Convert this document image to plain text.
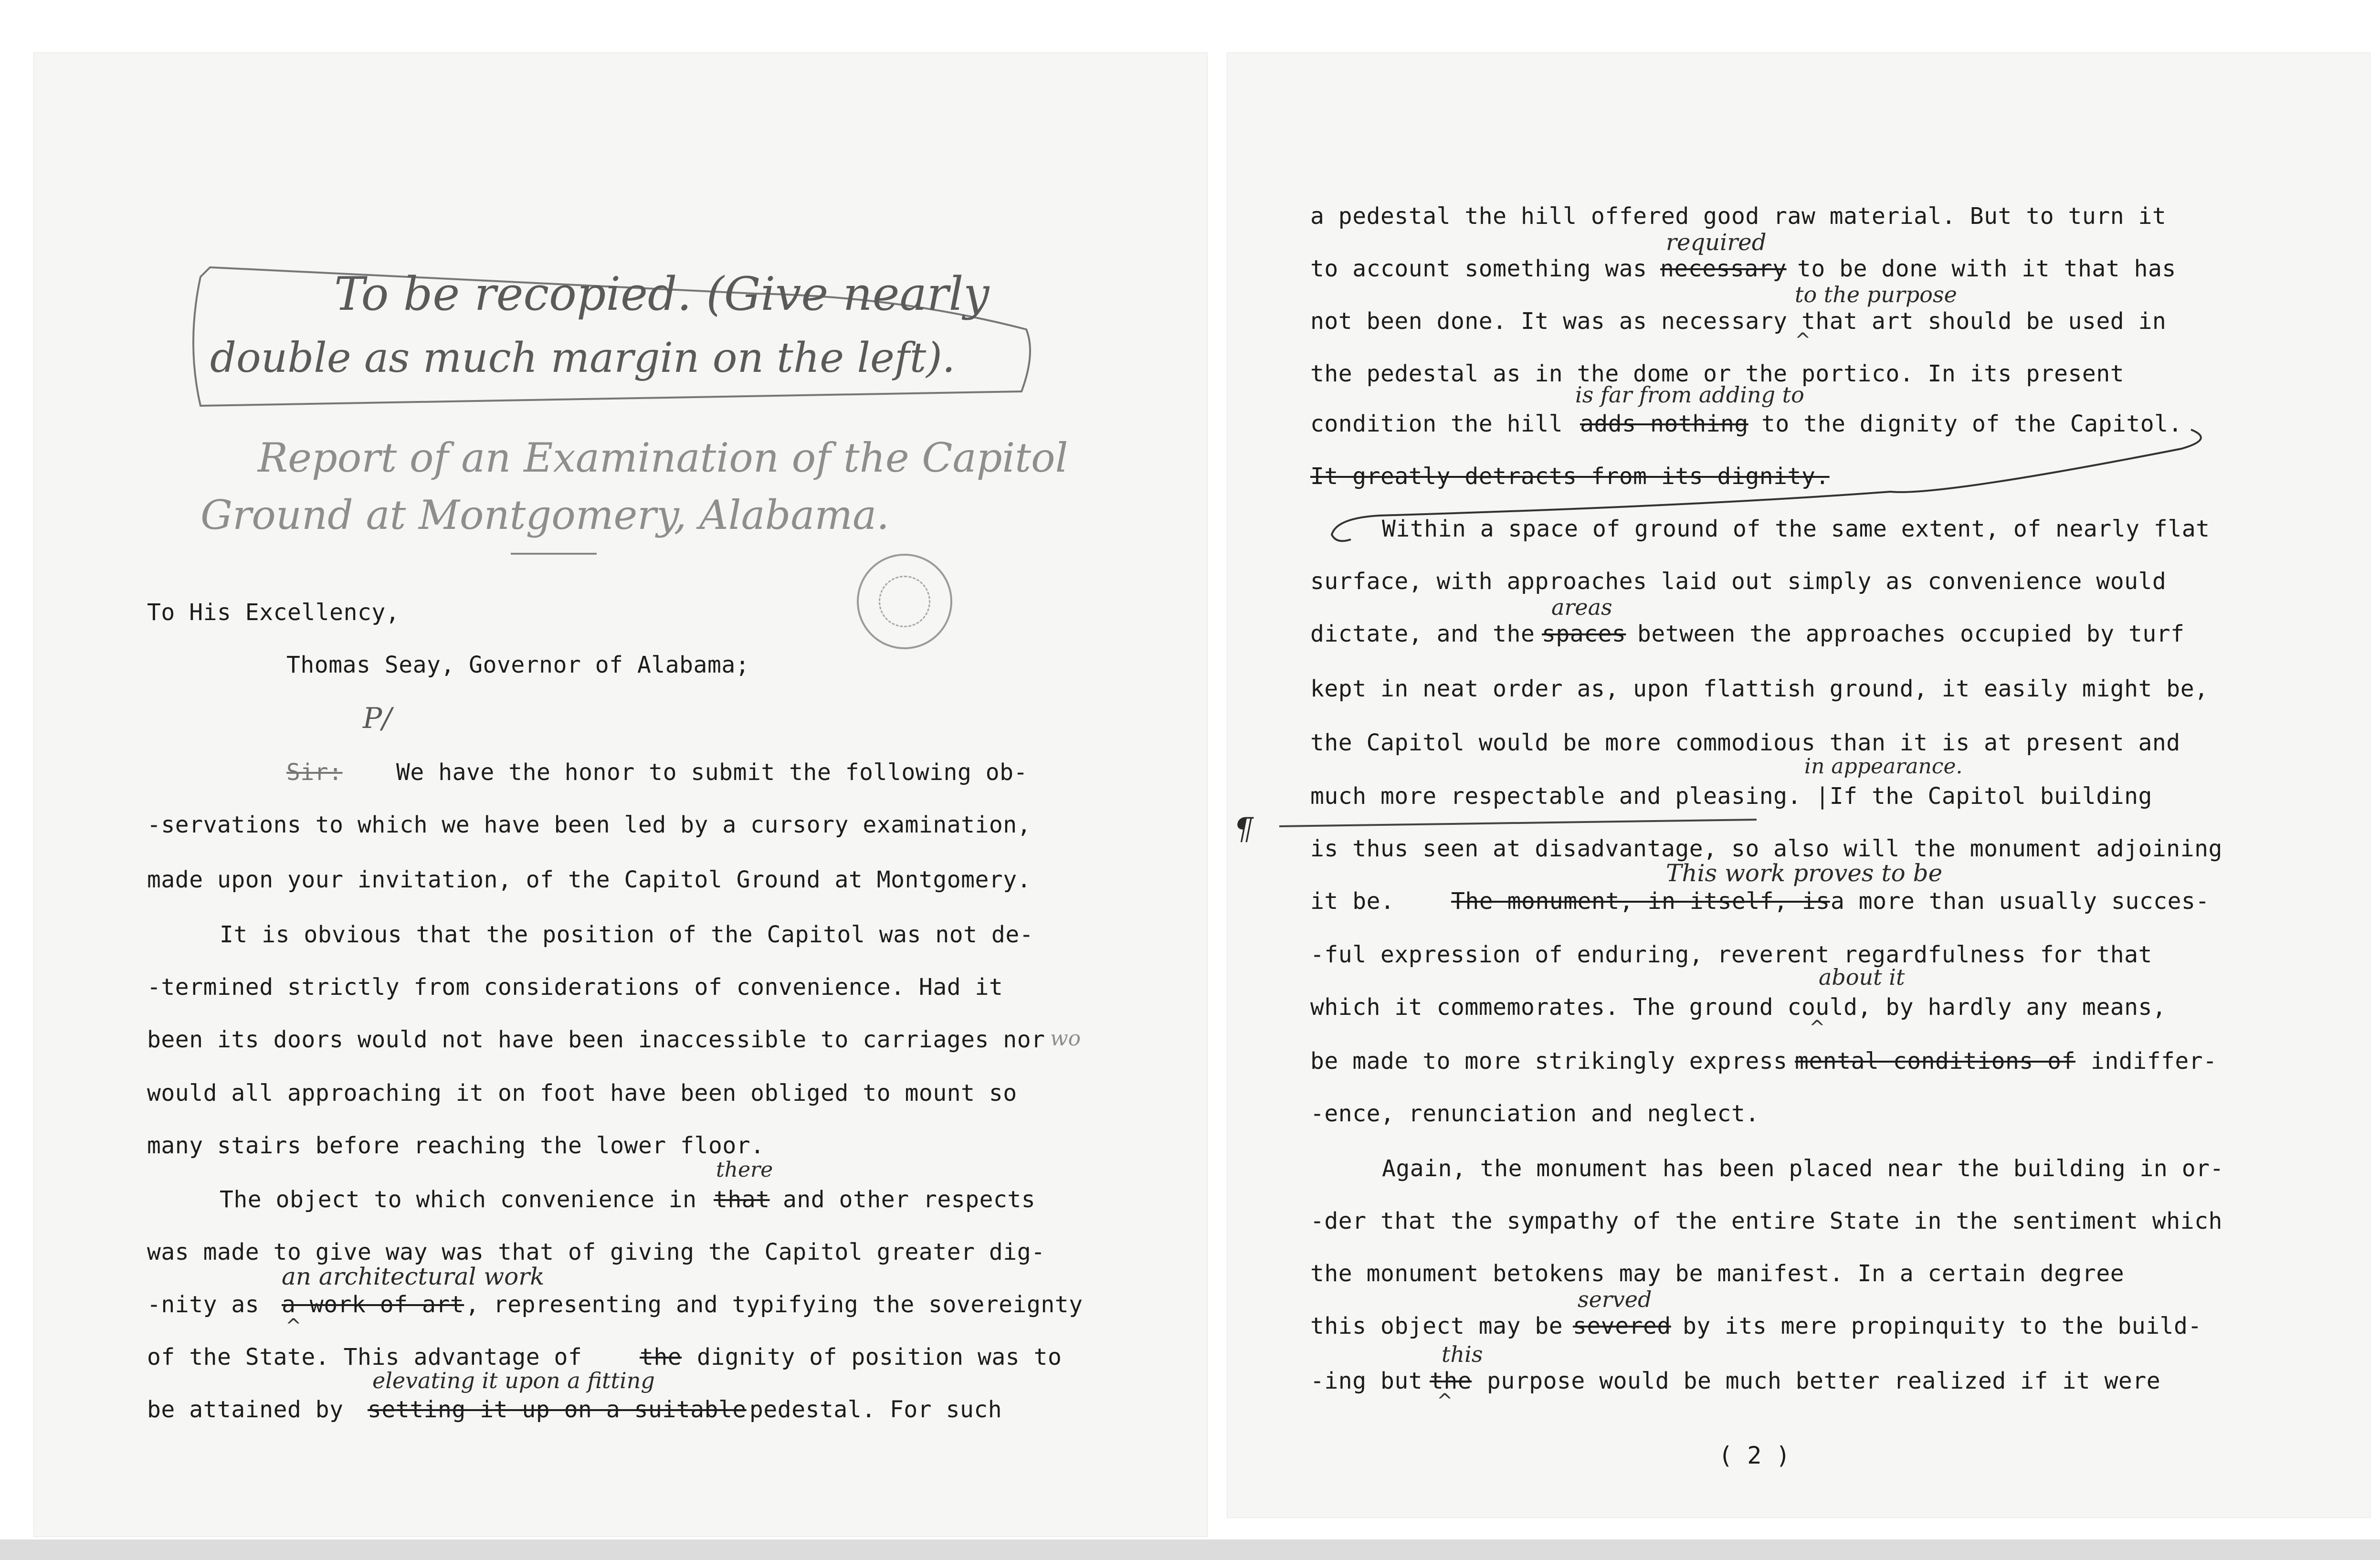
To be recopied. (Give nearly
double as much margin on the left).
Report of an Examination of the Capitol
Ground at Montgomery, Alabama.
To His Excellency,
Thomas Seay, Governor of Alabama;
P/
Sir: We have the honor to submit the following ob-
-servations to which we have been led by a cursory examination,
made upon your invitation, of the Capitol Ground at Montgomery.
It is obvious that the position of the Capitol was not de-
-termined strictly from considerations of convenience. Had it
been its doors would not have been inaccessible to carriages nor wo
would all approaching it on foot have been obliged to mount so
many stairs before reaching the lower floor.
there
The object to which convenience in that and other respects
was made to give way was that of giving the Capitol greater dig-
an architectural work
-nity as a work of art , representing and typifying the sovereignty
^
of the State. This advantage of	the dignity of position was to
elevating it upon a fitting
be attained by setting it up on a suitable pedestal. For such
a pedestal the hill offered good raw material. But to turn it
required
to account something was necessary to be done with it that has
to the purpose
not been done. It was as necessary that art should be used in
^
the pedestal as in the dome or the portico. In its present
is far from adding to
condition the hill adds nothing to the dignity of the Capitol.
It greatly detracts from its dignity.
Within a space of ground of the same extent, of nearly flat
surface, with approaches laid out simply as convenience would
areas
dictate, and the spaces between the approaches occupied by turf
kept in neat order as, upon flattish ground, it easily might be,
the Capitol would be more commodious than it is at present and
in appearance.
much more respectable and pleasing. |If the Capitol building
¶
is thus seen at disadvantage, so also will the monument adjoining
This work proves to be
it be. The monument, in itself, is a more than usually succes-
-ful expression of enduring, reverent regardfulness for that
about it
which it commemorates. The ground could, by hardly any means,
^
be made to more strikingly express mental conditions of indiffer-
-ence, renunciation and neglect.
Again, the monument has been placed near the building in or-
-der that the sympathy of the entire State in the sentiment which
the monument betokens may be manifest. In a certain degree
served
this object may be severed by its mere propinquity to the build-
this
-ing but the purpose would be much better realized if it were
^
( 2 )
